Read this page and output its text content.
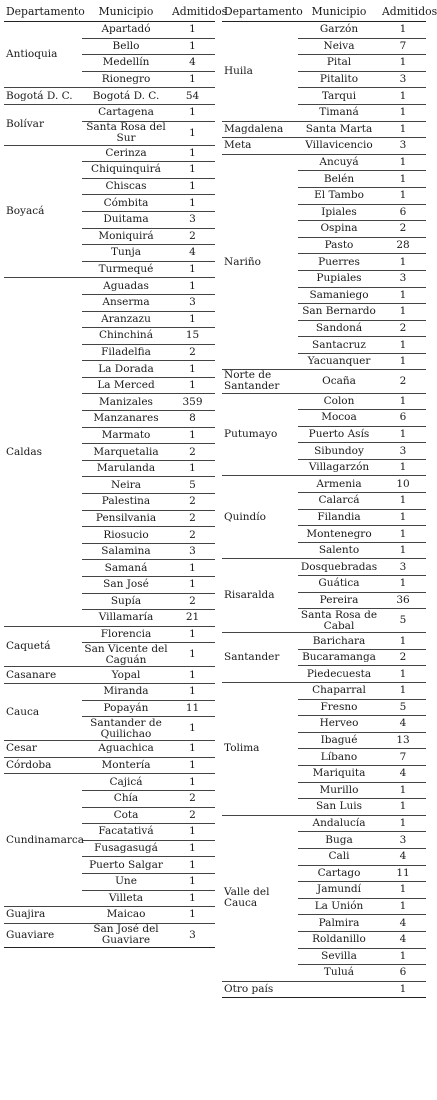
Departamento	Municipio	Admitidos
Antioquia	Apartadó	1
	Bello	1
	Medellín	4
	Rionegro	1
Bogotá D. C.	Bogotá D. C.	54
Bolívar	Cartagena	1
	Santa Rosa del Sur	1
Boyacá	Cerinza	1
	Chiquinquirá	1
	Chiscas	1
	Cómbita	1
	Duitama	3
	Moniquirá	2
	Tunja	4
	Turmequé	1
Caldas	Aguadas	1
	Anserma	3
	Aranzazu	1
	Chinchiná	15
	Filadelfia	2
	La Dorada	1
	La Merced	1
	Manizales	359
	Manzanares	8
	Marmato	1
	Marquetalia	2
	Marulanda	1
	Neira	5
	Palestina	2
	Pensilvania	2
	Riosucio	2
	Salamina	3
	Samaná	1
	San José	1
	Supía	2
	Villamaría	21
Caquetá	Florencia	1
	San Vicente del Caguán	1
Casanare	Yopal	1
Cauca	Miranda	1
	Popayán	11
	Santander de Quilichao	1
Cesar	Aguachica	1
Córdoba	Montería	1
Cundinamarca	Cajicá	1
	Chía	2
	Cota	2
	Facatativá	1
	Fusagasugá	1
	Puerto Salgar	1
	Une	1
	Villeta	1
Guajira	Maicao	1
Guaviare	San José del Guaviare	3
Departamento	Municipio	Admitidos
Huila	Garzón	1
	Neiva	7
	Pital	1
	Pitalito	3
	Tarqui	1
	Timaná	1
Magdalena	Santa Marta	1
Meta	Villavicencio	3
Nariño	Ancuyá	1
	Belén	1
	El Tambo	1
	Ipiales	6
	Ospina	2
	Pasto	28
	Puerres	1
	Pupiales	3
	Samaniego	1
	San Bernardo	1
	Sandoná	2
	Santacruz	1
	Yacuanquer	1
Norte de Santander	Ocaña	2
Putumayo	Colon	1
	Mocoa	6
	Puerto Asís	1
	Sibundoy	3
	Villagarzón	1
Quindío	Armenia	10
	Calarcá	1
	Filandia	1
	Montenegro	1
	Salento	1
Risaralda	Dosquebradas	3
	Guática	1
	Pereira	36
	Santa Rosa de Cabal	5
Santander	Barichara	1
	Bucaramanga	2
	Piedecuesta	1
Tolima	Chaparral	1
	Fresno	5
	Herveo	4
	Ibagué	13
	Líbano	7
	Mariquita	4
	Murillo	1
	San Luis	1
Valle del Cauca	Andalucía	1
	Buga	3
	Cali	4
	Cartago	11
	Jamundí	1
	La Unión	1
	Palmira	4
	Roldanillo	4
	Sevilla	1
	Tuluá	6
Otro país		1
